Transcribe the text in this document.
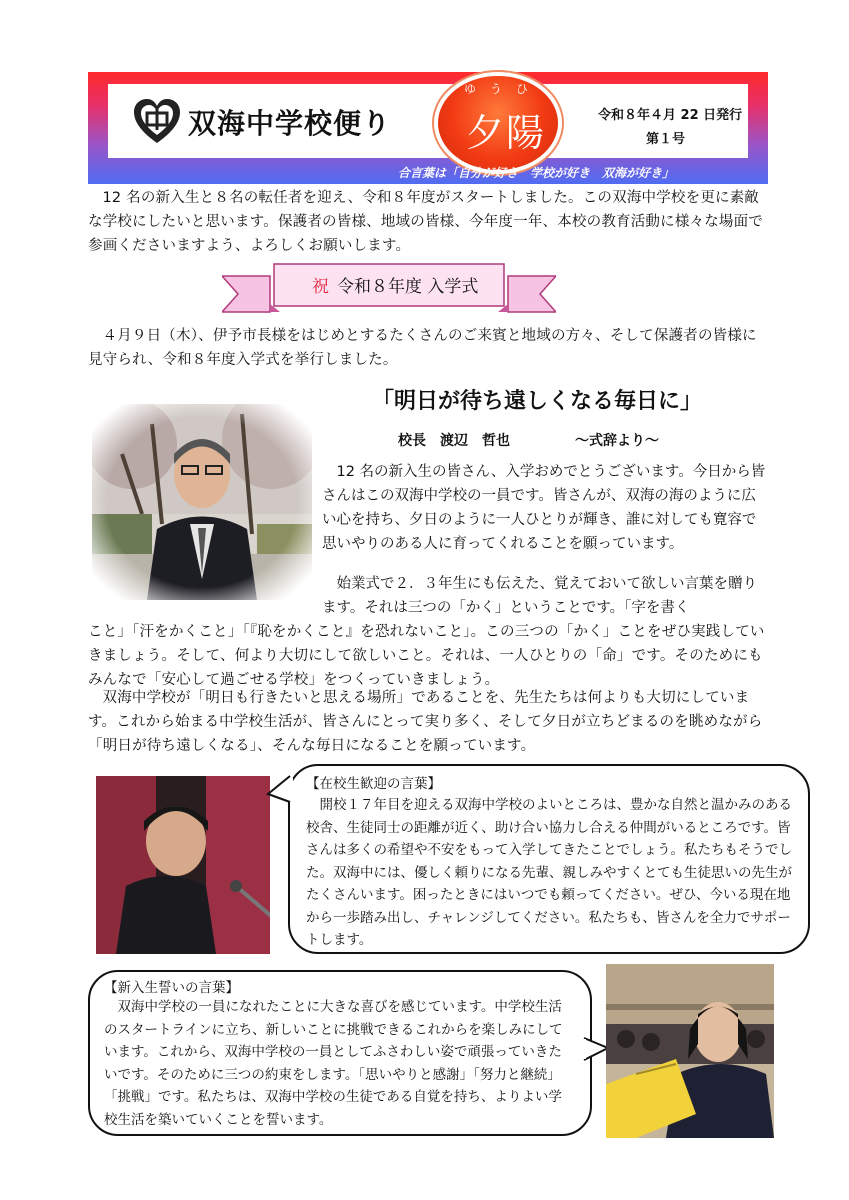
双海中学校便り
ゆうひ
夕陽	令和８年４月 22 日発行
第１号
合言葉は「自分が好き　学校が好き　双海が好き」
12 名の新入生と８名の転任者を迎え、令和８年度がスタートしました。この双海中学校を更に素敵な学校にしたいと思います。保護者の皆様、地域の皆様、今年度一年、本校の教育活動に様々な場面で参画くださいますよう、よろしくお願いします。
祝 令和８年度 入学式
４月９日（木）、伊予市長様をはじめとするたくさんのご来賓と地域の方々、そして保護者の皆様に見守られ、令和８年度入学式を挙行しました。
「明日が待ち遠しくなる毎日に」
校長　渡辺　哲也	～式辞より～
12 名の新入生の皆さん、入学おめでとうございます。今日から皆さんはこの双海中学校の一員です。皆さんが、双海の海のように広い心を持ち、夕日のように一人ひとりが輝き、誰に対しても寛容で思いやりのある人に育ってくれることを願っています。
始業式で２．３年生にも伝えた、覚えておいて欲しい言葉を贈ります。それは三つの「かく」ということです。「字を書く
こと」「汗をかくこと」「『恥をかくこと』を恐れないこと」。この三つの「かく」ことをぜひ実践していきましょう。そして、何より大切にして欲しいこと。それは、一人ひとりの「命」です。そのためにもみんなで「安心して過ごせる学校」をつくっていきましょう。
双海中学校が「明日も行きたいと思える場所」であることを、先生たちは何よりも大切にしています。これから始まる中学校生活が、皆さんにとって実り多く、そして夕日が立ちどまるのを眺めながら「明日が待ち遠しくなる」、そんな毎日になることを願っています。
【在校生歓迎の言葉】
開校１７年目を迎える双海中学校のよいところは、豊かな自然と温かみのある校舎、生徒同士の距離が近く、助け合い協力し合える仲間がいるところです。皆さんは多くの希望や不安をもって入学してきたことでしょう。私たちもそうでした。双海中には、優しく頼りになる先輩、親しみやすくとても生徒思いの先生がたくさんいます。困ったときにはいつでも頼ってください。ぜひ、今いる現在地から一歩踏み出し、チャレンジしてください。私たちも、皆さんを全力でサポートします。
【新入生誓いの言葉】
双海中学校の一員になれたことに大きな喜びを感じています。中学校生活のスタートラインに立ち、新しいことに挑戦できるこれからを楽しみにしています。これから、双海中学校の一員としてふさわしい姿で頑張っていきたいです。そのために三つの約束をします。「思いやりと感謝」「努力と継続」「挑戦」です。私たちは、双海中学校の生徒である自覚を持ち、よりよい学校生活を築いていくことを誓います。
